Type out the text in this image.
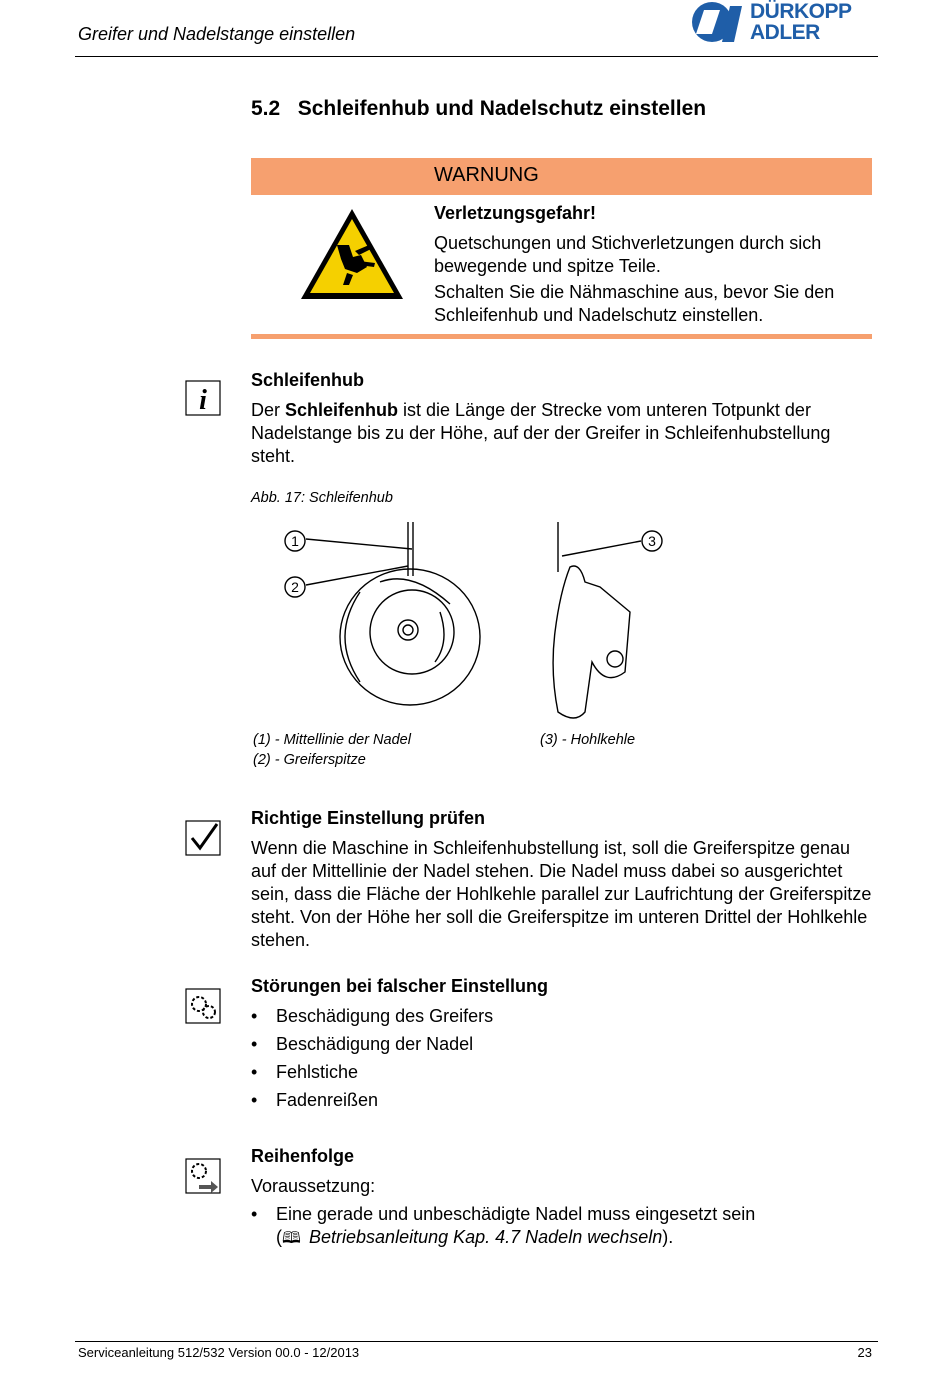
Greifer und Nadelstange einstellen
DÜRKOPP
ADLER
5.2 Schleifenhub und Nadelschutz einstellen
WARNUNG

Verletzungsgefahr!

Quetschungen und Stichverletzungen durch sich bewegende und spitze Teile.

Schalten Sie die Nähmaschine aus, bevor Sie den Schleifenhub und Nadelschutz einstellen.

i
Schleifenhub
Der Schleifenhub ist die Länge der Strecke vom unteren Totpunkt der Nadelstange bis zu der Höhe, auf der der Greifer in Schleifenhubstellung steht.
Abb. 17: Schleifenhub
1
2
3
(1) - Mittellinie der Nadel
(2) - Greiferspitze
(3) - Hohlkehle
Richtige Einstellung prüfen
Wenn die Maschine in Schleifenhubstellung ist, soll die Greiferspitze genau auf der Mittellinie der Nadel stehen. Die Nadel muss dabei so ausgerichtet sein, dass die Fläche der Hohlkehle parallel zur Laufrichtung der Greiferspitze steht. Von der Höhe her soll die Greiferspitze im unteren Drittel der Hohlkehle stehen.
Störungen bei falscher Einstellung
• Beschädigung des Greifers
• Beschädigung der Nadel
• Fehlstiche
• Fadenreißen
Reihenfolge
Voraussetzung:
• Eine gerade und unbeschädigte Nadel muss eingesetzt sein
(🕮 Betriebsanleitung Kap. 4.7 Nadeln wechseln).
Serviceanleitung 512/532 Version 00.0 - 12/2013	23
